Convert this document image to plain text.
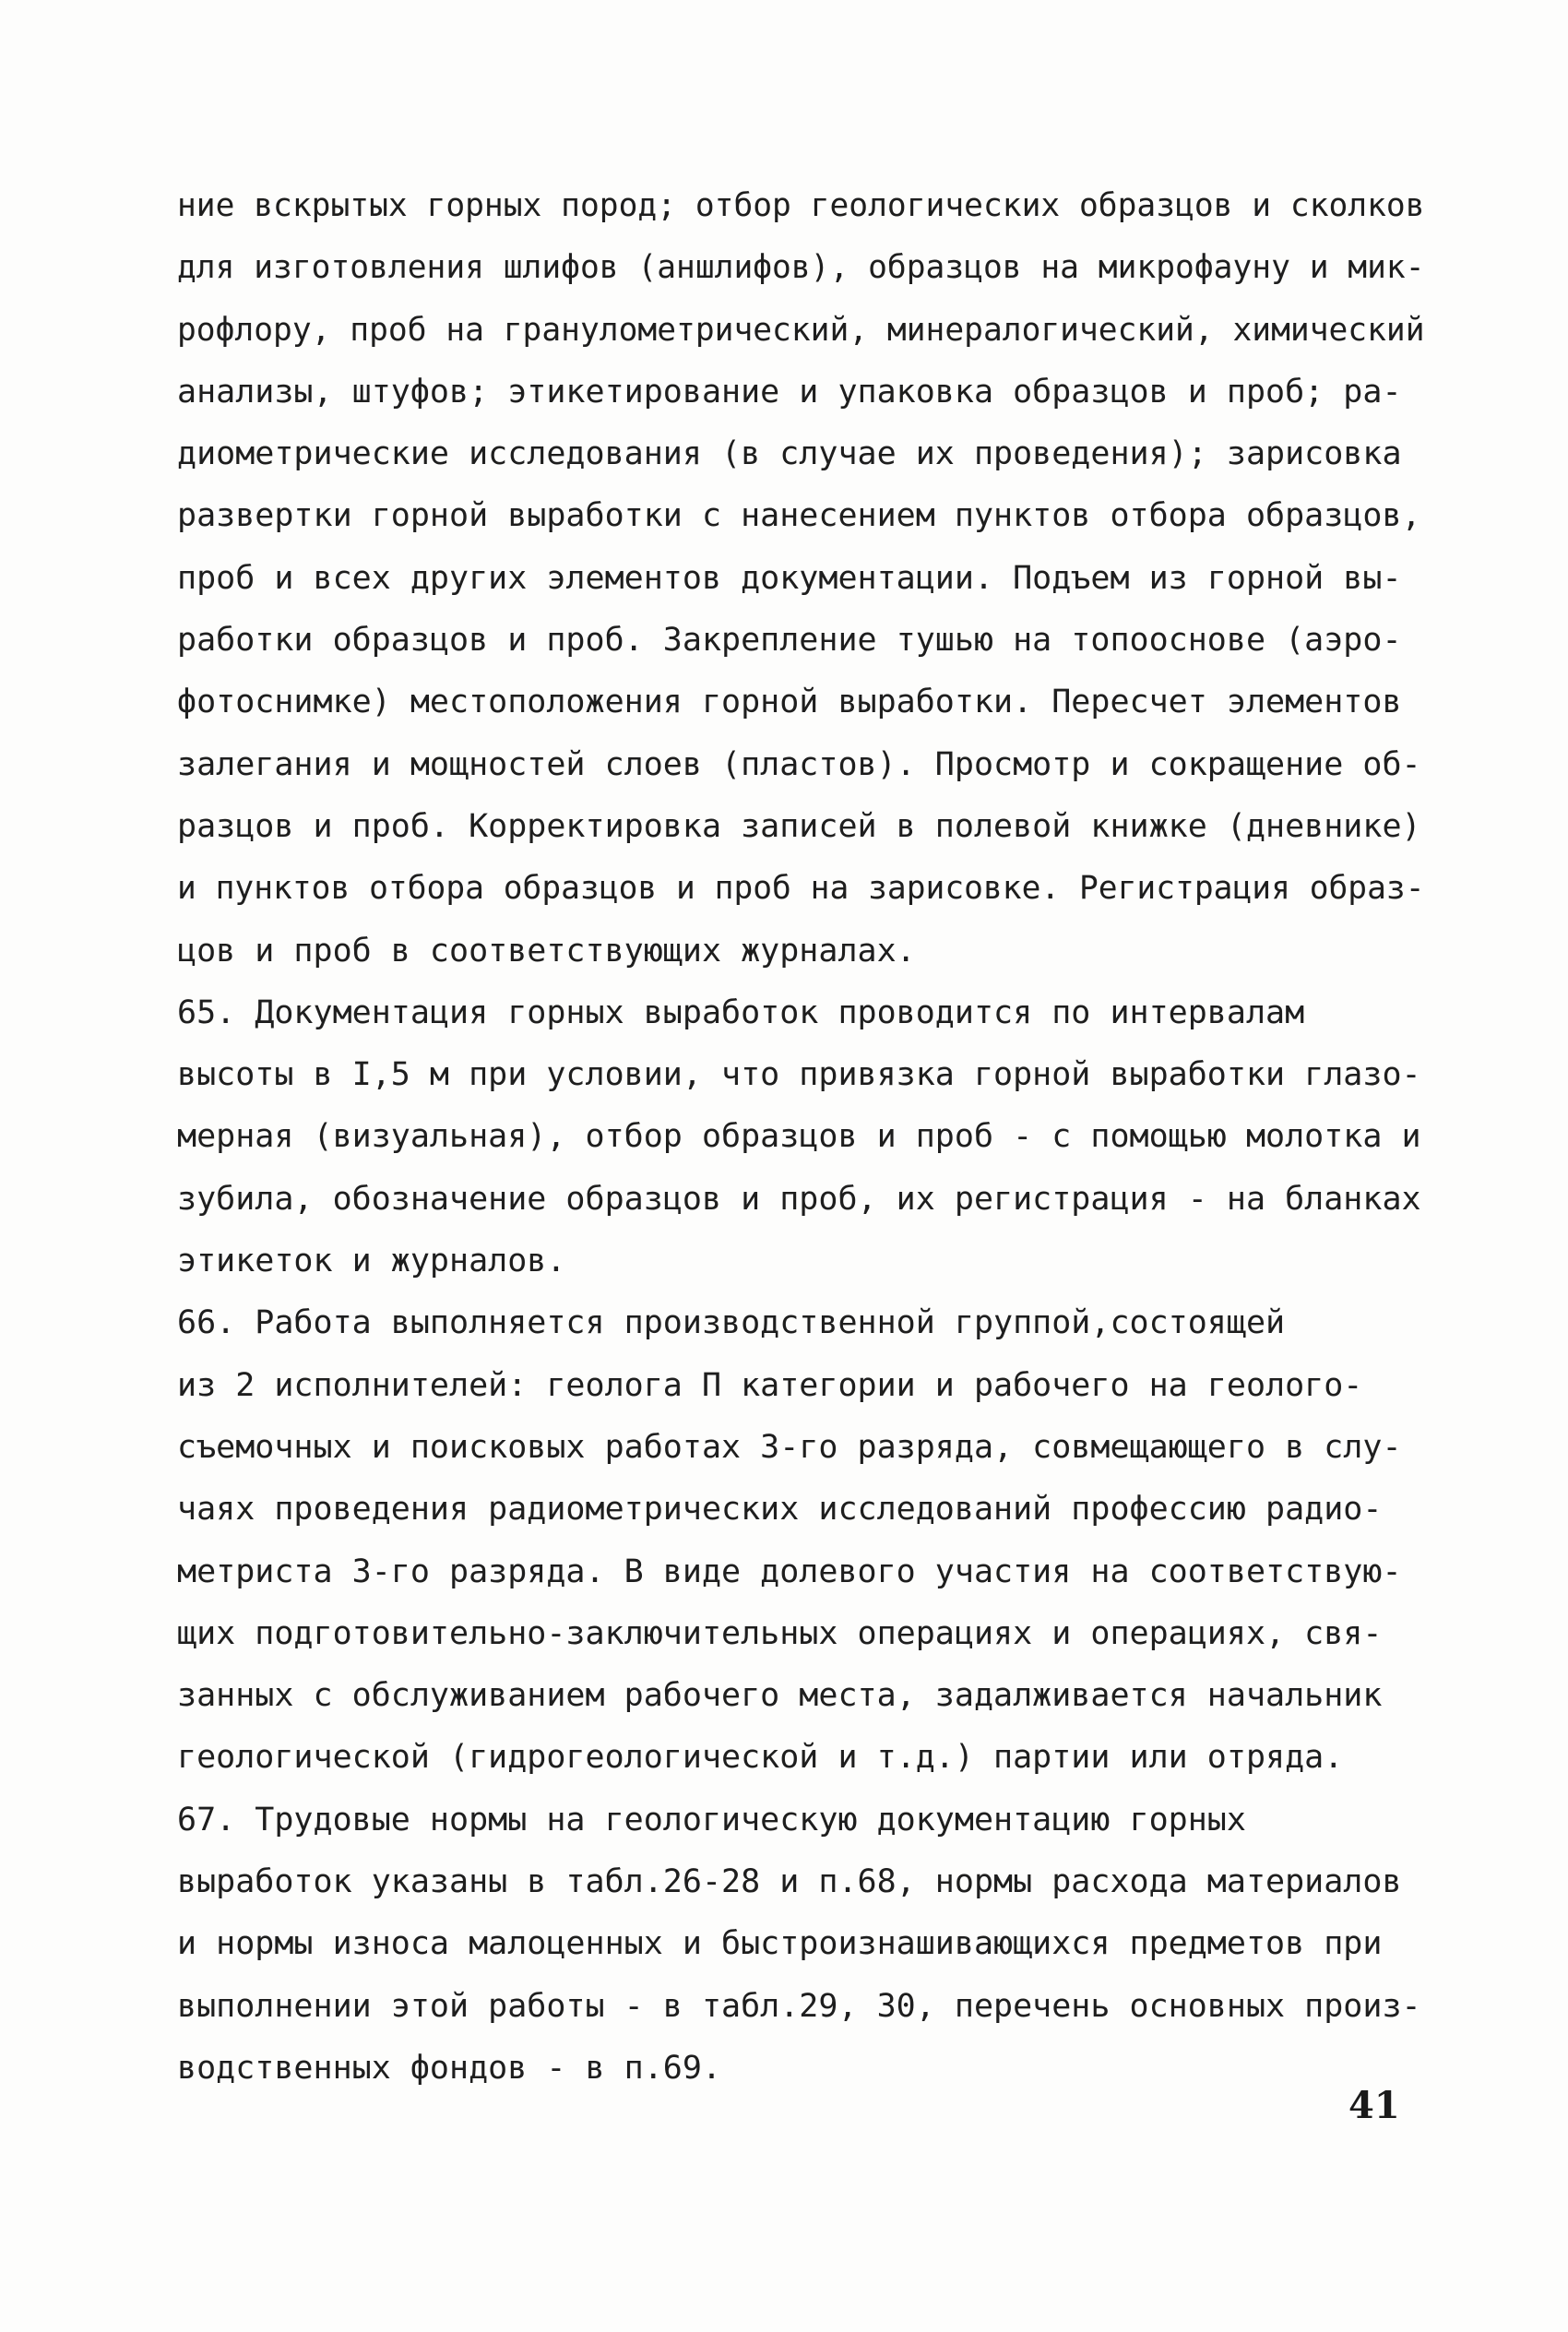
ние вскрытых горных пород; отбор геологических образцов и сколков
для изготовления шлифов (аншлифов), образцов на микрофауну и мик-
рофлору, проб на гранулометрический, минералогический, химический
анализы, штуфов; этикетирование и упаковка образцов и проб; ра-
диометрические исследования (в случае их проведения); зарисовка
развертки горной выработки с нанесением пунктов отбора образцов,
проб и всех других элементов документации. Подъем из горной вы-
работки образцов и проб. Закрепление тушью на топооснове (аэро-
фотоснимке) местоположения горной выработки. Пересчет элементов
залегания и мощностей слоев (пластов). Просмотр и сокращение об-
разцов и проб. Корректировка записей в полевой книжке (дневнике)
и пунктов отбора образцов и проб на зарисовке. Регистрация образ-
цов и проб в соответствующих журналах.
65. Документация горных выработок проводится по интервалам
высоты в I,5 м при условии, что привязка горной выработки глазо-
мерная (визуальная), отбор образцов и проб - с помощью молотка и
зубила, обозначение образцов и проб, их регистрация - на бланках
этикеток и журналов.
66. Работа выполняется производственной группой,состоящей
из 2 исполнителей: геолога П категории и рабочего на геолого-
съемочных и поисковых работах 3-го разряда, совмещающего в слу-
чаях проведения радиометрических исследований профессию радио-
метриста 3-го разряда. В виде долевого участия на соответствую-
щих подготовительно-заключительных операциях и операциях, свя-
занных с обслуживанием рабочего места, задалживается начальник
геологической (гидрогеологической и т.д.) партии или отряда.
67. Трудовые нормы на геологическую документацию горных
выработок указаны в табл.26-28 и п.68, нормы расхода материалов
и нормы износа малоценных и быстроизнашивающихся предметов при
выполнении этой работы - в табл.29, 30, перечень основных произ-
водственных фондов - в п.69.
41
